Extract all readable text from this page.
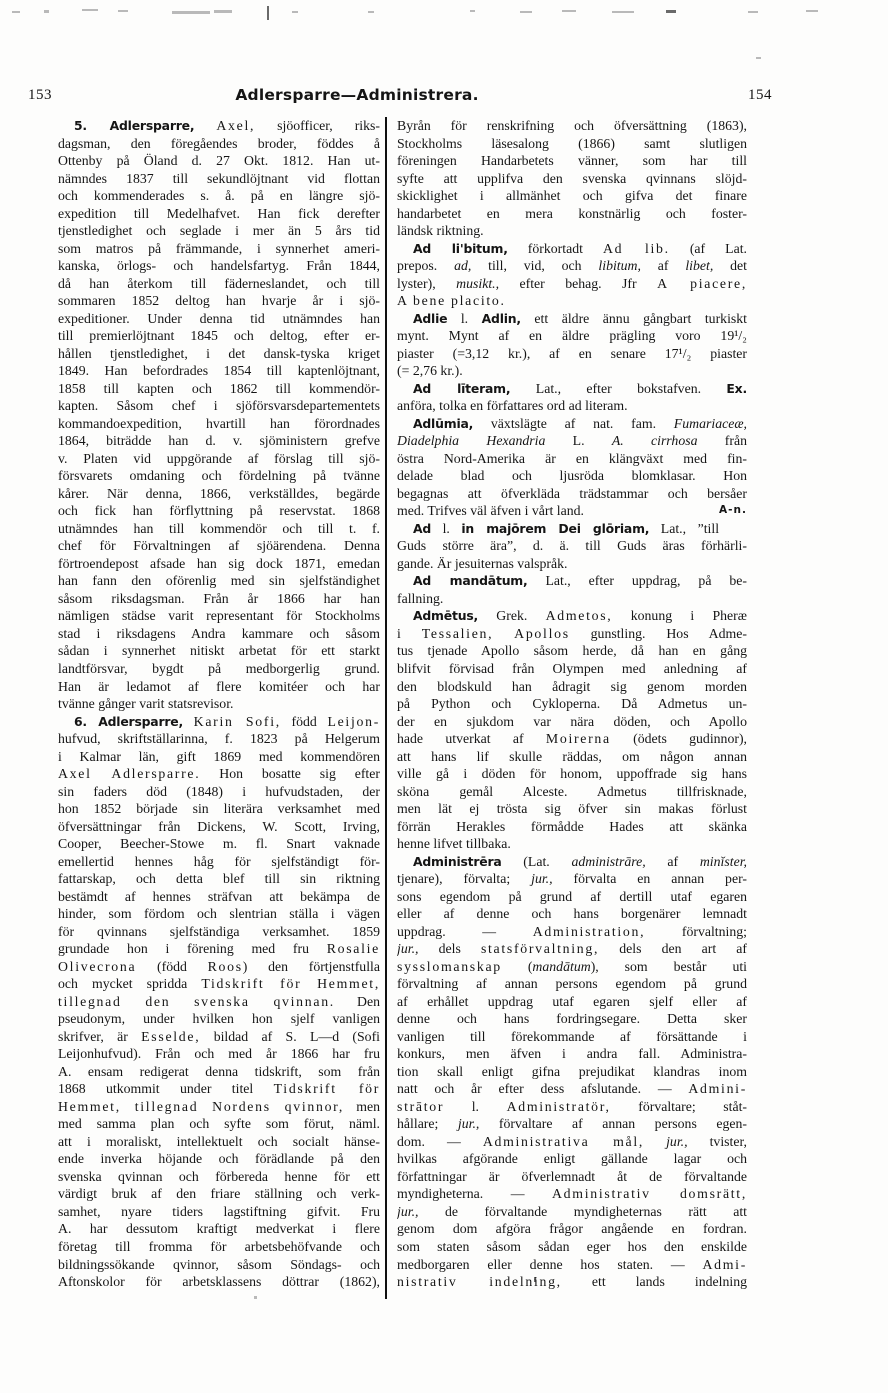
153	Adlersparre—Administrera.	154
5. Adlersparre, Axel, sjöofficer, riks-
dagsman, den föregåendes broder, föddes å
Ottenby på Öland d. 27 Okt. 1812. Han ut-
nämndes 1837 till sekundlöjtnant vid flottan
och kommenderades s. å. på en längre sjö-
expedition till Medelhafvet. Han fick derefter
tjenstledighet och seglade i mer än 5 års tid
som matros på främmande, i synnerhet ameri-
kanska, örlogs- och handelsfartyg. Från 1844,
då han återkom till fäderneslandet, och till
sommaren 1852 deltog han hvarje år i sjö-
expeditioner. Under denna tid utnämndes han
till premierlöjtnant 1845 och deltog, efter er-
hållen tjenstledighet, i det dansk-tyska kriget
1849. Han befordrades 1854 till kaptenlöjtnant,
1858 till kapten och 1862 till kommendör-
kapten. Såsom chef i sjöförsvarsdepartementets
kommandoexpedition, hvartill han förordnades
1864, biträdde han d. v. sjöministern grefve
v. Platen vid uppgörande af förslag till sjö-
försvarets omdaning och fördelning på tvänne
kårer. När denna, 1866, verkställdes, begärde
och fick han förflyttning på reservstat. 1868
utnämndes han till kommendör och till t. f.
chef för Förvaltningen af sjöärendena. Denna
förtroendepost afsade han sig dock 1871, emedan
han fann den oförenlig med sin sjelfständighet
såsom riksdagsman. Från år 1866 har han
nämligen städse varit representant för Stockholms
stad i riksdagens Andra kammare och såsom
sådan i synnerhet nitiskt arbetat för ett starkt
landtförsvar, bygdt på medborgerlig grund.
Han är ledamot af flere komitéer och har
tvänne gånger varit statsrevisor.
6. Adlersparre, Karin Sofi, född Leijon-
hufvud, skriftställarinna, f. 1823 på Helgerum
i Kalmar län, gift 1869 med kommendören
Axel Adlersparre. Hon bosatte sig efter
sin faders död (1848) i hufvudstaden, der
hon 1852 började sin literära verksamhet med
öfversättningar från Dickens, W. Scott, Irving,
Cooper, Beecher-Stowe m. fl. Snart vaknade
emellertid hennes håg för sjelfständigt för-
fattarskap, och detta blef till sin riktning
bestämdt af hennes sträfvan att bekämpa de
hinder, som fördom och slentrian ställa i vägen
för qvinnans sjelfständiga verksamhet. 1859
grundade hon i förening med fru Rosalie
Olivecrona (född Roos) den förtjenstfulla
och mycket spridda Tidskrift för Hemmet,
tillegnad den svenska qvinnan. Den
pseudonym, under hvilken hon sjelf vanligen
skrifver, är Esselde, bildad af S. L—d (Sofi
Leijonhufvud). Från och med år 1866 har fru
A. ensam redigerat denna tidskrift, som från
1868 utkommit under titel Tidskrift för
Hemmet, tillegnad Nordens qvinnor, men
med samma plan och syfte som förut, näml.
att i moraliskt, intellektuelt och socialt hänse-
ende inverka höjande och förädlande på den
svenska qvinnan och förbereda henne för ett
värdigt bruk af den friare ställning och verk-
samhet, nyare tiders lagstiftning gifvit. Fru
A. har dessutom kraftigt medverkat i flere
företag till fromma för arbetsbehöfvande och
bildningssökande qvinnor, såsom Söndags- och
Aftonskolor för arbetsklassens döttrar (1862),
Byrån för renskrifning och öfversättning (1863),
Stockholms läsesalong (1866) samt slutligen
föreningen Handarbetets vänner, som har till
syfte att upplifva den svenska qvinnans slöjd-
skicklighet i allmänhet och gifva det finare
handarbetet en mera konstnärlig och foster-
ländsk riktning.
Ad li'bitum, förkortadt Ad lib. (af Lat.
prepos. ad, till, vid, och libitum, af libet, det
lyster), musikt., efter behag. Jfr A piacere,
A bene placito.
Adlie l. Adlin, ett äldre ännu gångbart turkiskt
mynt. Mynt af en äldre prägling voro 19¹/₂
piaster (=3,12 kr.), af en senare 17¹/₂ piaster
(= 2,76 kr.).
Ad līteram, Lat., efter bokstafven. Ex.
anföra, tolka en författares ord ad literam.
Adlūmia, växtslägte af nat. fam. Fumariaceæ,
Diadelphia Hexandria L. A. cirrhosa från
östra Nord-Amerika är en klängväxt med fin-
delade blad och ljusröda blomklasar. Hon
begagnas att öfverkläda trädstammar och bersåer
med. Trifves väl äfven i vårt land.	A-n.
Ad l. in majōrem Dei glōriam, Lat., ”till
Guds större ära”, d. ä. till Guds äras förhärli-
gande. Är jesuiternas valspråk.
Ad mandātum, Lat., efter uppdrag, på be-
fallning.
Admētus, Grek. Admetos, konung i Pheræ
i Tessalien, Apollos gunstling. Hos Adme-
tus tjenade Apollo såsom herde, då han en gång
blifvit förvisad från Olympen med anledning af
den blodskuld han ådragit sig genom morden
på Python och Cykloperna. Då Admetus un-
der en sjukdom var nära döden, och Apollo
hade utverkat af Moirerna (ödets gudinnor),
att hans lif skulle räddas, om någon annan
ville gå i döden för honom, uppoffrade sig hans
sköna gemål Alceste. Admetus tillfrisknade,
men lät ej trösta sig öfver sin makas förlust
förrän Herakles förmådde Hades att skänka
henne lifvet tillbaka.
Administrēra (Lat. administrāre, af minĭster,
tjenare), förvalta; jur., förvalta en annan per-
sons egendom på grund af dertill utaf egaren
eller af denne och hans borgenärer lemnadt
uppdrag. — Administration, förvaltning;
jur., dels statsförvaltning, dels den art af
sysslomanskap (mandātum), som består uti
förvaltning af annan persons egendom på grund
af erhållet uppdrag utaf egaren sjelf eller af
denne och hans fordringsegare. Detta sker
vanligen till förekommande af försättande i
konkurs, men äfven i andra fall. Administra-
tion skall enligt gifna prejudikat klandras inom
natt och år efter dess afslutande. — Admini-
strātor l. Administratör, förvaltare; ståt-
hållare; jur., förvaltare af annan persons egen-
dom. — Administrativa mål, jur., tvister,
hvilkas afgörande enligt gällande lagar och
författningar är öfverlemnadt åt de förvaltande
myndigheterna. — Administrativ domsrätt,
jur., de förvaltande myndigheternas rätt att
genom dom afgöra frågor angående en fordran.
som staten såsom sådan eger hos den enskilde
medborgaren eller denne hos staten. — Admi-
nistrativ indelning, ett lands indelning
